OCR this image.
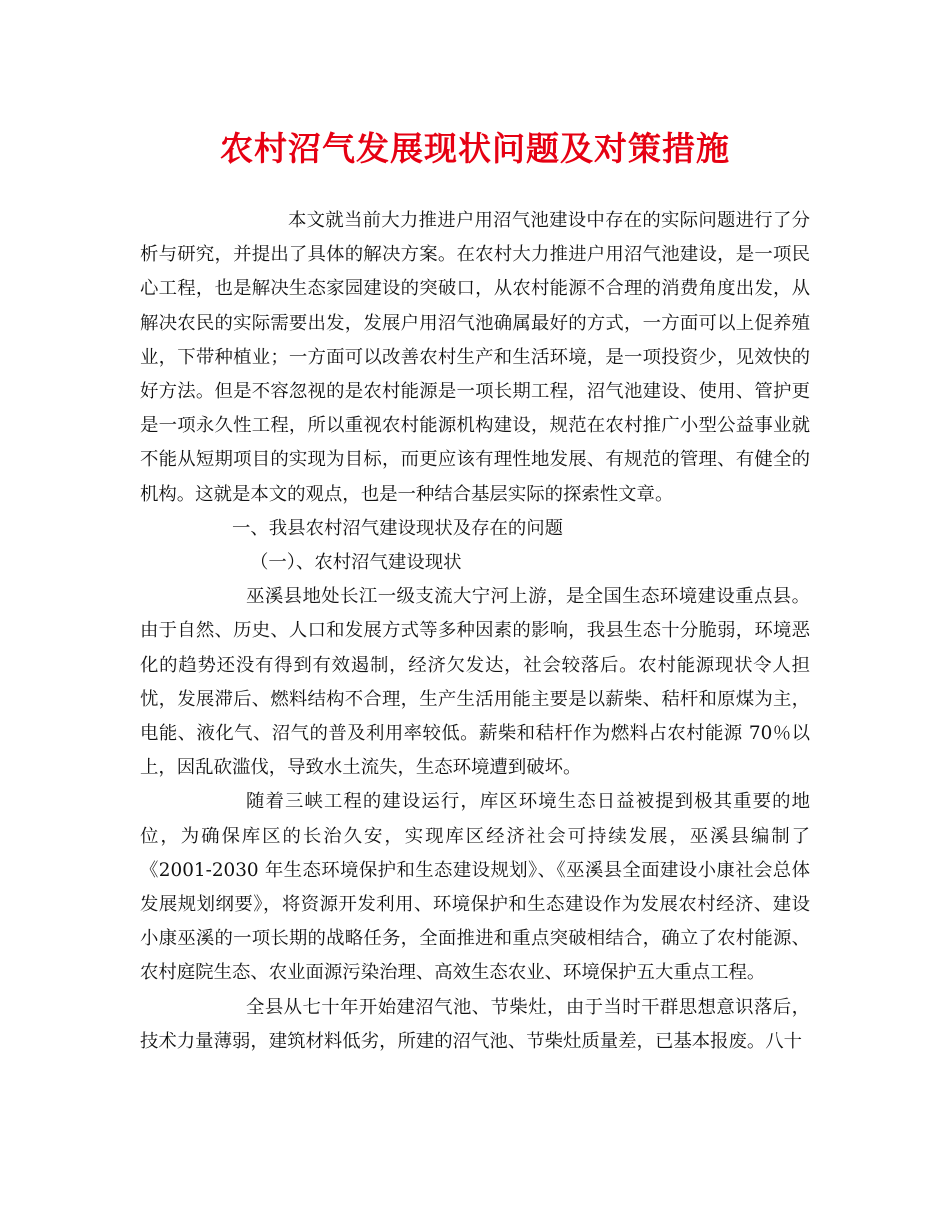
农村沼气发展现状问题及对策措施

本文就当前大力推进户用沼气池建设中存在的实际问题进行了分析与研究，并提出了具体的解决方案。在农村大力推进户用沼气池建设，是一项民心工程，也是解决生态家园建设的突破口，从农村能源不合理的消费角度出发，从解决农民的实际需要出发，发展户用沼气池确属最好的方式，一方面可以上促养殖业，下带种植业；一方面可以改善农村生产和生活环境，是一项投资少，见效快的好方法。但是不容忽视的是农村能源是一项长期工程，沼气池建设、使用、管护更是一项永久性工程，所以重视农村能源机构建设，规范在农村推广小型公益事业就不能从短期项目的实现为目标，而更应该有理性地发展、有规范的管理、有健全的机构。这就是本文的观点，也是一种结合基层实际的探索性文章。

一、我县农村沼气建设现状及存在的问题

（一）、农村沼气建设现状

巫溪县地处长江一级支流大宁河上游，是全国生态环境建设重点县。由于自然、历史、人口和发展方式等多种因素的影响，我县生态十分脆弱，环境恶化的趋势还没有得到有效遏制，经济欠发达，社会较落后。农村能源现状令人担忧，发展滞后、燃料结构不合理，生产生活用能主要是以薪柴、秸杆和原煤为主，电能、液化气、沼气的普及利用率较低。薪柴和秸杆作为燃料占农村能源 70％以上，因乱砍滥伐，导致水土流失，生态环境遭到破坏。

随着三峡工程的建设运行，库区环境生态日益被提到极其重要的地位，为确保库区的长治久安，实现库区经济社会可持续发展，巫溪县编制了《2001-2030 年生态环境保护和生态建设规划》、《巫溪县全面建设小康社会总体发展规划纲要》，将资源开发利用、环境保护和生态建设作为发展农村经济、建设小康巫溪的一项长期的战略任务，全面推进和重点突破相结合，确立了农村能源、农村庭院生态、农业面源污染治理、高效生态农业、环境保护五大重点工程。

全县从七十年开始建沼气池、节柴灶，由于当时干群思想意识落后，技术力量薄弱，建筑材料低劣，所建的沼气池、节柴灶质量差，已基本报废。八十
